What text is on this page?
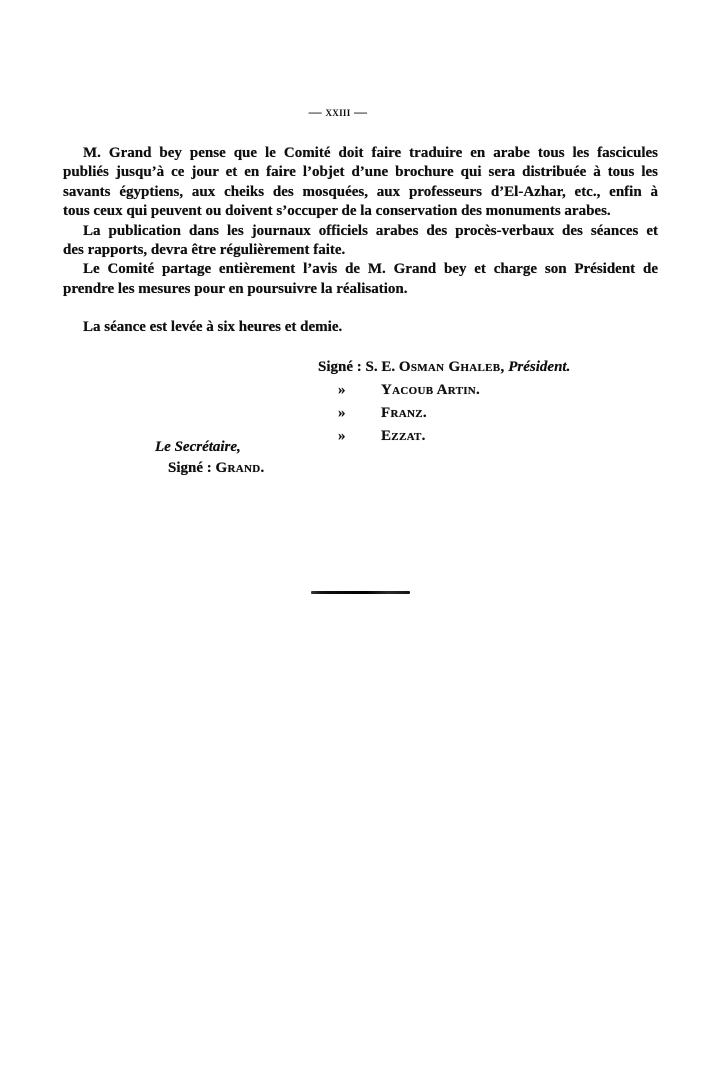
— xxiii —
M. Grand bey pense que le Comité doit faire traduire en arabe tous les fascicules
publiés jusqu’à ce jour et en faire l’objet d’une brochure qui sera distribuée à tous les
savants égyptiens, aux cheiks des mosquées, aux professeurs d’El-Azhar, etc., enfin à
tous ceux qui peuvent ou doivent s’occuper de la conservation des monuments arabes.
La publication dans les journaux officiels arabes des procès-verbaux des séances et
des rapports, devra être régulièrement faite.
Le Comité partage entièrement l’avis de M. Grand bey et charge son Président de
prendre les mesures pour en poursuivre la réalisation.
La séance est levée à six heures et demie.
Signé : S. E. Osman Ghaleb, Président.
»	Yacoub Artin.
»	Franz.
»	Ezzat.
Le Secrétaire,
Signé : Grand.
